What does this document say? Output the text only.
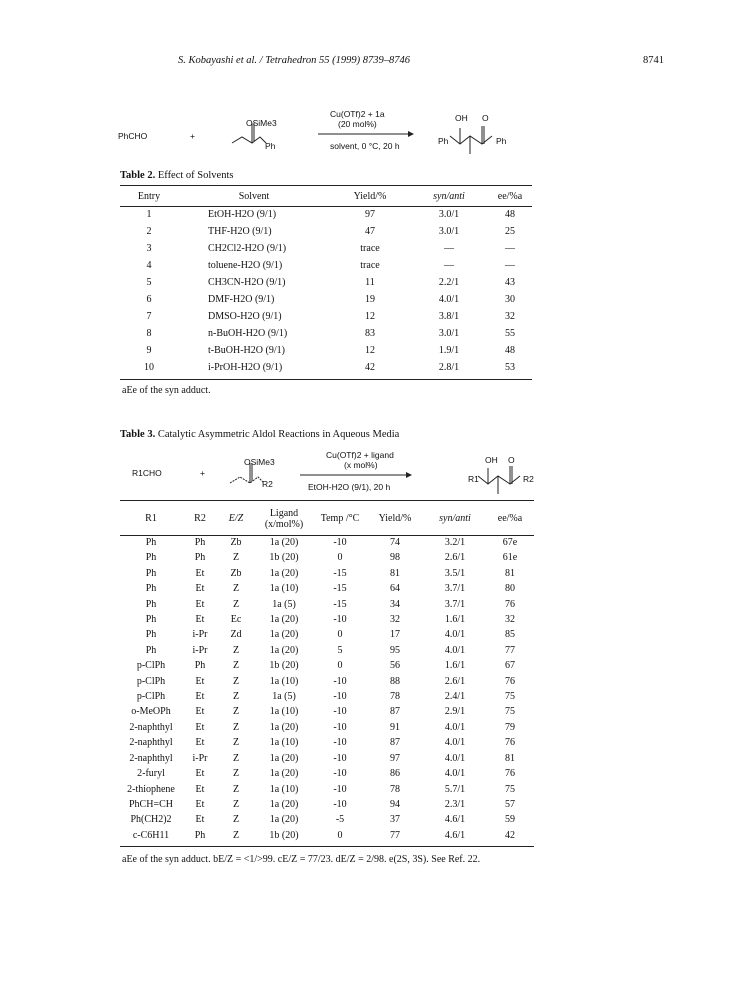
S. Kobayashi et al. / Tetrahedron 55 (1999) 8739–8746	8741
PhCHO	+
OSiMe3
Ph
Cu(OTf)2 + 1a
(20 mol%)
solvent, 0 °C, 20 h
OH O
Ph	Ph
Table 2. Effect of Solvents
Entry	Solvent	Yield/%	syn/anti	ee/%a
1	EtOH-H2O (9/1)	97	3.0/1	48
2	THF-H2O (9/1)	47	3.0/1	25
3	CH2Cl2-H2O (9/1)	trace	—	—
4	toluene-H2O (9/1)	trace	—	—
5	CH3CN-H2O (9/1)	11	2.2/1	43
6	DMF-H2O (9/1)	19	4.0/1	30
7	DMSO-H2O (9/1)	12	3.8/1	32
8	n-BuOH-H2O (9/1)	83	3.0/1	55
9	t-BuOH-H2O (9/1)	12	1.9/1	48
10	i-PrOH-H2O (9/1)	42	2.8/1	53
aEe of the syn adduct.
Table 3. Catalytic Asymmetric Aldol Reactions in Aqueous Media
R1CHO	+
OSiMe3
R2
Cu(OTf)2 + ligand
(x mol%)
EtOH-H2O (9/1), 20 h
OH O
R1	R2
R1	R2	E/Z	Ligand (x/mol%)	Temp /°C	Yield/%	syn/anti	ee/%a
Ph	Ph	Zb	1a (20)	-10	74	3.2/1	67e
Ph	Ph	Z	1b (20)	0	98	2.6/1	61e
Ph	Et	Zb	1a (20)	-15	81	3.5/1	81
Ph	Et	Z	1a (10)	-15	64	3.7/1	80
Ph	Et	Z	1a (5)	-15	34	3.7/1	76
Ph	Et	Ec	1a (20)	-10	32	1.6/1	32
Ph	i-Pr	Zd	1a (20)	0	17	4.0/1	85
Ph	i-Pr	Z	1a (20)	5	95	4.0/1	77
p-ClPh	Ph	Z	1b (20)	0	56	1.6/1	67
p-ClPh	Et	Z	1a (10)	-10	88	2.6/1	76
p-ClPh	Et	Z	1a (5)	-10	78	2.4/1	75
o-MeOPh	Et	Z	1a (10)	-10	87	2.9/1	75
2-naphthyl	Et	Z	1a (20)	-10	91	4.0/1	79
2-naphthyl	Et	Z	1a (10)	-10	87	4.0/1	76
2-naphthyl	i-Pr	Z	1a (20)	-10	97	4.0/1	81
2-furyl	Et	Z	1a (20)	-10	86	4.0/1	76
2-thiophene	Et	Z	1a (10)	-10	78	5.7/1	75
PhCH=CH	Et	Z	1a (20)	-10	94	2.3/1	57
Ph(CH2)2	Et	Z	1a (20)	-5	37	4.6/1	59
c-C6H11	Ph	Z	1b (20)	0	77	4.6/1	42
aEe of the syn adduct. bE/Z = <1/>99. cE/Z = 77/23. dE/Z = 2/98. e(2S, 3S). See Ref. 22.
